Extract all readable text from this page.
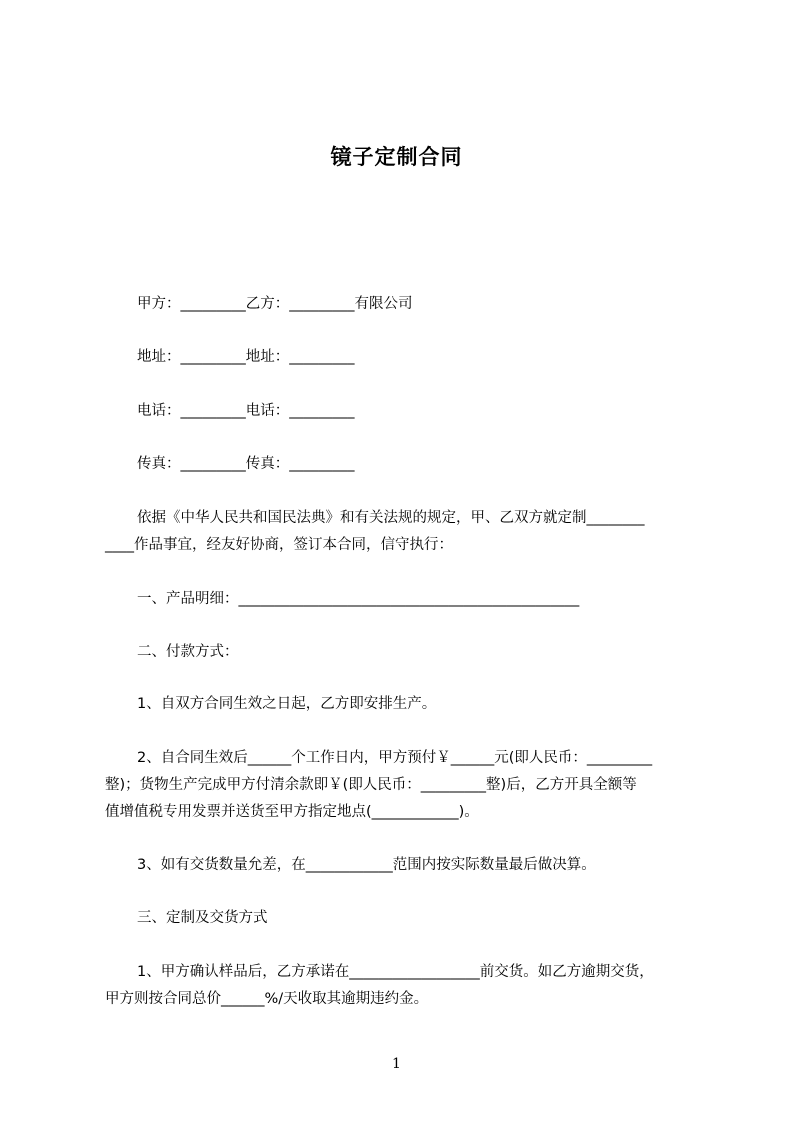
镜子定制合同
甲方：_________乙方：_________有限公司
地址：_________地址：_________
电话：_________电话：_________
传真：_________传真：_________
依据《中华人民共和国民法典》和有关法规的规定，甲、乙双方就定制________
____作品事宜，经友好协商，签订本合同，信守执行：
一、产品明细：_______________________________________________
二、付款方式：
1、自双方合同生效之日起，乙方即安排生产。
2、自合同生效后______个工作日内，甲方预付￥______元(即人民币：_________
整)；货物生产完成甲方付清余款即￥(即人民币：_________整)后，乙方开具全额等
值增值税专用发票并送货至甲方指定地点(____________)。
3、如有交货数量允差，在____________范围内按实际数量最后做决算。
三、定制及交货方式
1、甲方确认样品后，乙方承诺在__________________前交货。如乙方逾期交货，
甲方则按合同总价______%/天收取其逾期违约金。
1
